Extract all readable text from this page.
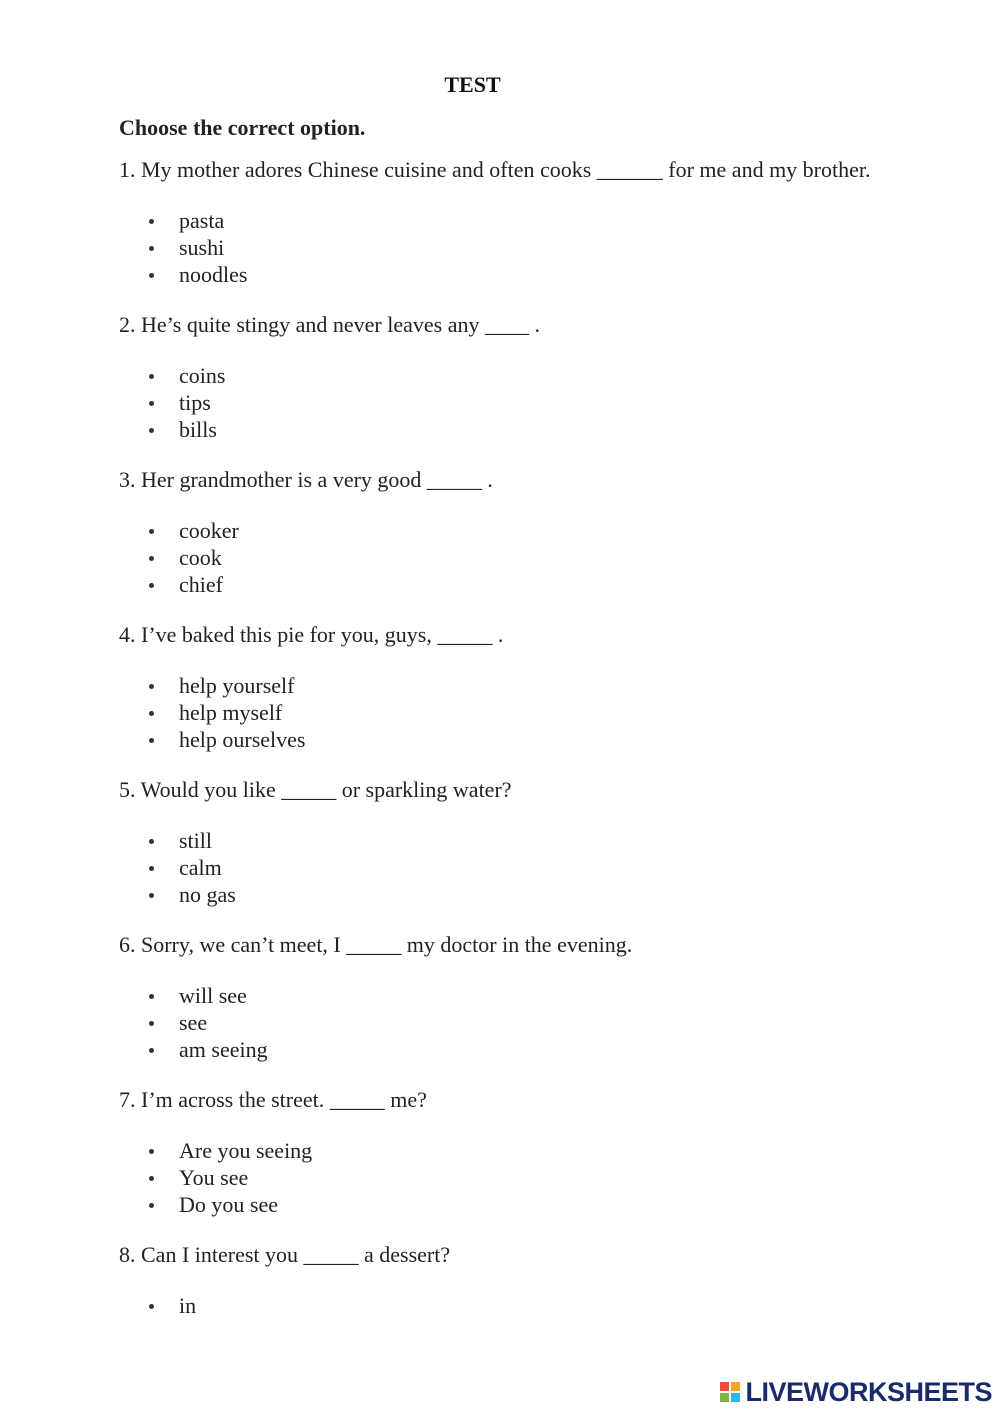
TEST
Choose the correct option.

1. My mother adores Chinese cuisine and often cooks ______ for me and my brother.

pasta
sushi
noodles

2. He’s quite stingy and never leaves any ____ .

coins
tips
bills

3. Her grandmother is a very good _____ .

cooker
cook
chief

4. I’ve baked this pie for you, guys, _____ .

help yourself
help myself
help ourselves

5. Would you like _____ or sparkling water?

still
calm
no gas

6. Sorry, we can’t meet, I _____ my doctor in the evening.

will see
see
am seeing

7. I’m across the street. _____ me?

Are you seeing
You see
Do you see

8. Can I interest you _____ a dessert?

in
LIVEWORKSHEETS
